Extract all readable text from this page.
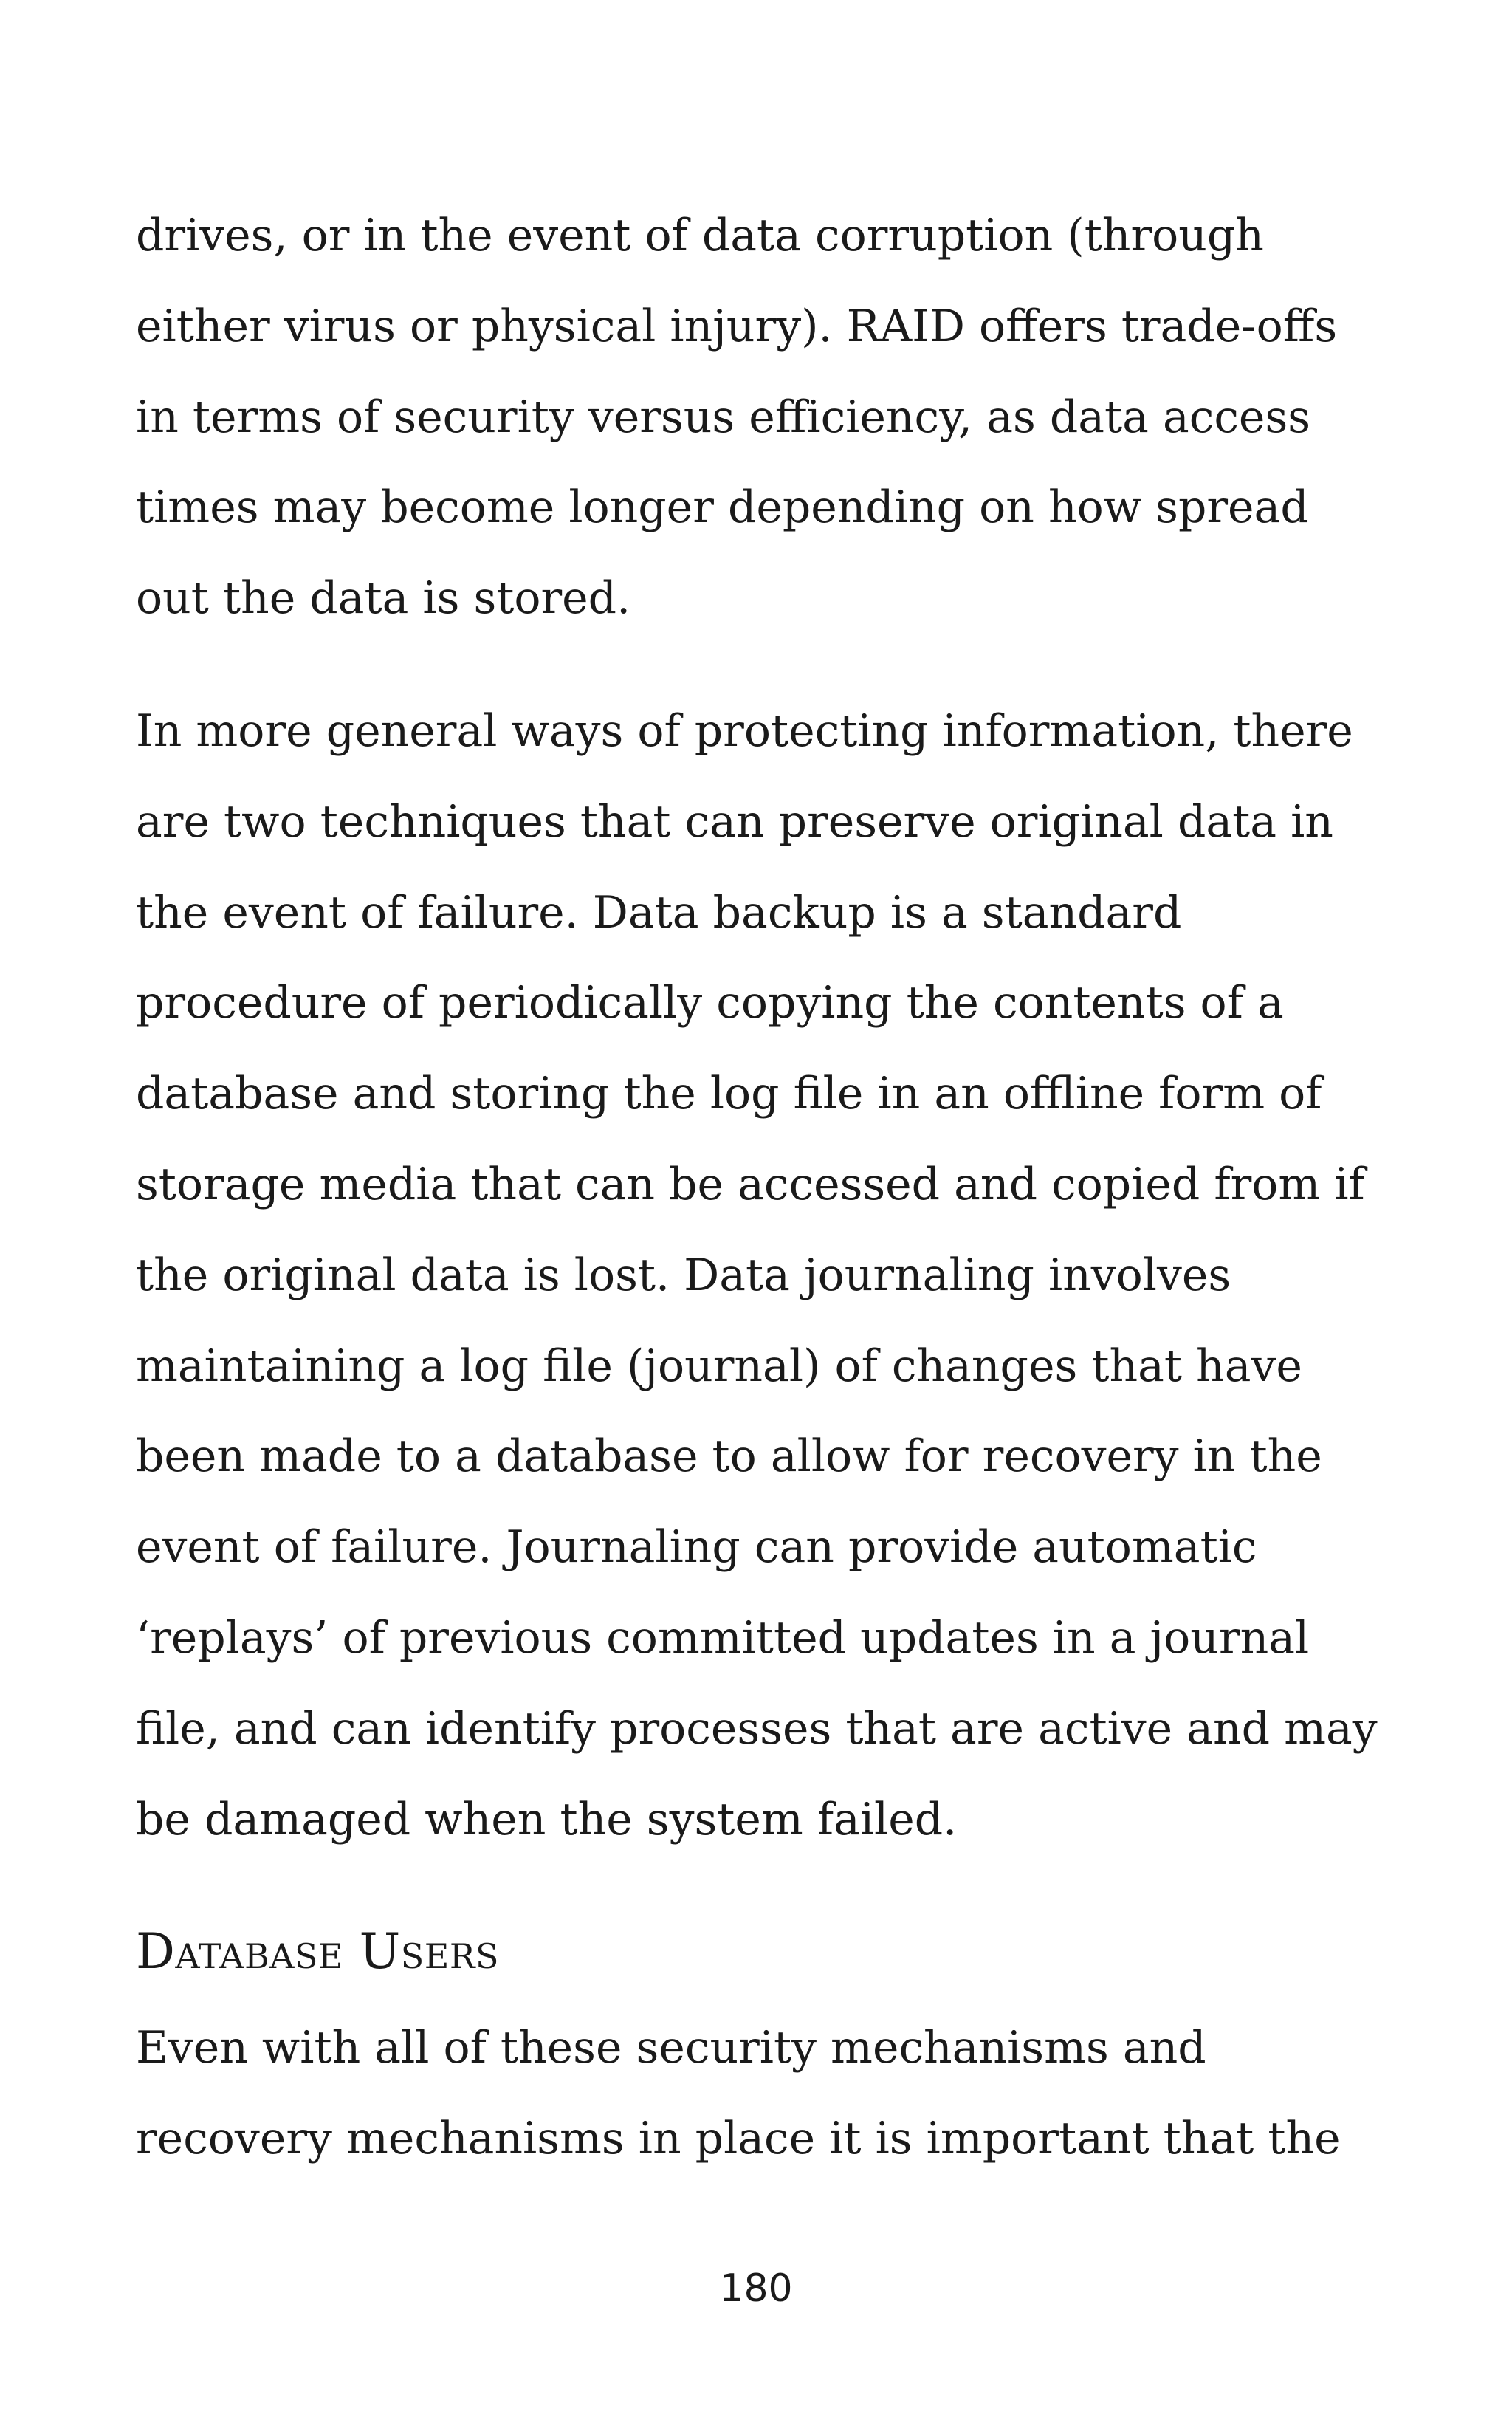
drives, or in the event of data corruption (through either virus or physical injury). RAID offers trade-offs in terms of security versus efficiency, as data access times may become longer depending on how spread out the data is stored.

In more general ways of protecting information, there are two techniques that can preserve original data in the event of failure. Data backup is a standard procedure of periodically copying the contents of a database and storing the log file in an offline form of storage media that can be accessed and copied from if the original data is lost. Data journaling involves maintaining a log file (journal) of changes that have been made to a database to allow for recovery in the event of failure. Journaling can provide automatic ‘replays’ of previous committed updates in a journal file, and can identify processes that are active and may be damaged when the system failed.

Database Users

Even with all of these security mechanisms and recovery mechanisms in place it is important that the

180
